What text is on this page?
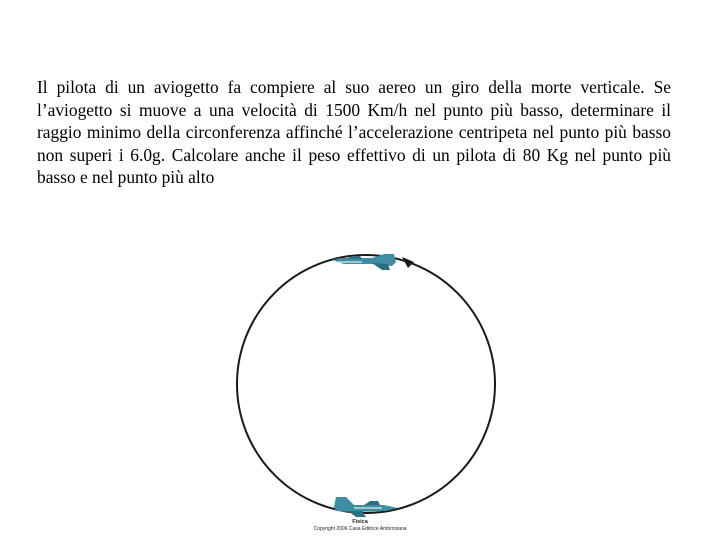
Il pilota di un aviogetto fa compiere al suo aereo un giro della morte verticale. Se l’aviogetto si muove a una velocità di 1500 Km/h nel punto più basso, determinare il raggio minimo della circonferenza affinché l’accelerazione centripeta nel punto più basso non superi i 6.0g. Calcolare anche il peso effettivo di un pilota di 80 Kg nel punto più basso e nel punto più alto

Fisica
Copyright 2006 Casa Editrice Ambrosiana
